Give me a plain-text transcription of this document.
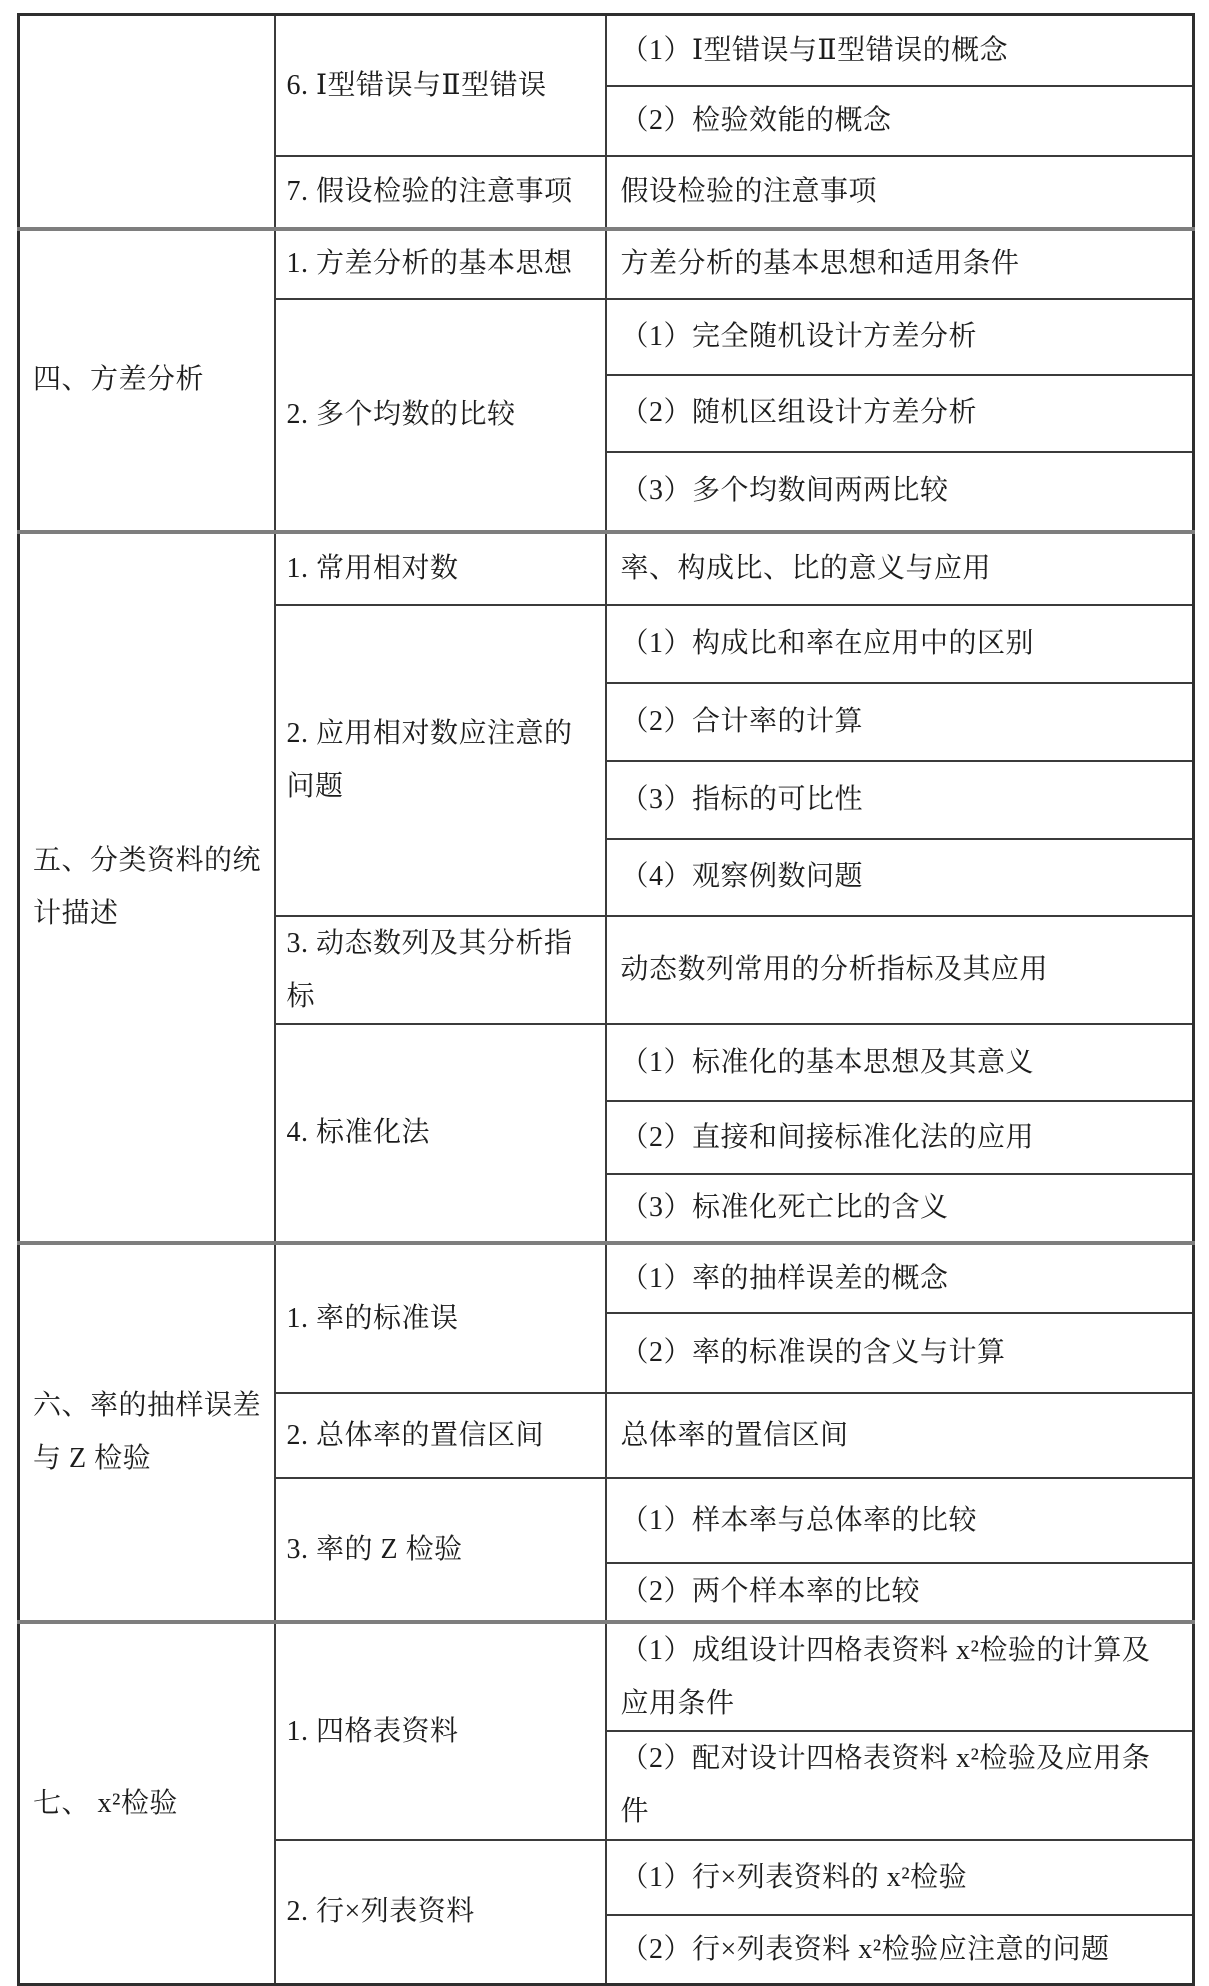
	6. Ⅰ型错误与Ⅱ型错误	（1）Ⅰ型错误与Ⅱ型错误的概念
		（2）检验效能的概念
	7. 假设检验的注意事项	假设检验的注意事项
四、方差分析	1. 方差分析的基本思想	方差分析的基本思想和适用条件
	2. 多个均数的比较	（1）完全随机设计方差分析
		（2）随机区组设计方差分析
		（3）多个均数间两两比较
五、分类资料的统计描述	1. 常用相对数	率、构成比、比的意义与应用
	2. 应用相对数应注意的问题	（1）构成比和率在应用中的区别
		（2）合计率的计算
		（3）指标的可比性
		（4）观察例数问题
	3. 动态数列及其分析指标	动态数列常用的分析指标及其应用
	4. 标准化法	（1）标准化的基本思想及其意义
		（2）直接和间接标准化法的应用
		（3）标准化死亡比的含义
六、率的抽样误差与 Z 检验	1. 率的标准误	（1）率的抽样误差的概念
		（2）率的标准误的含义与计算
	2. 总体率的置信区间	总体率的置信区间
	3. 率的 Z 检验	（1）样本率与总体率的比较
		（2）两个样本率的比较
七、 x²检验	1. 四格表资料	（1）成组设计四格表资料 x²检验的计算及应用条件
		（2）配对设计四格表资料 x²检验及应用条件
	2. 行×列表资料	（1）行×列表资料的 x²检验
		（2）行×列表资料 x²检验应注意的问题
